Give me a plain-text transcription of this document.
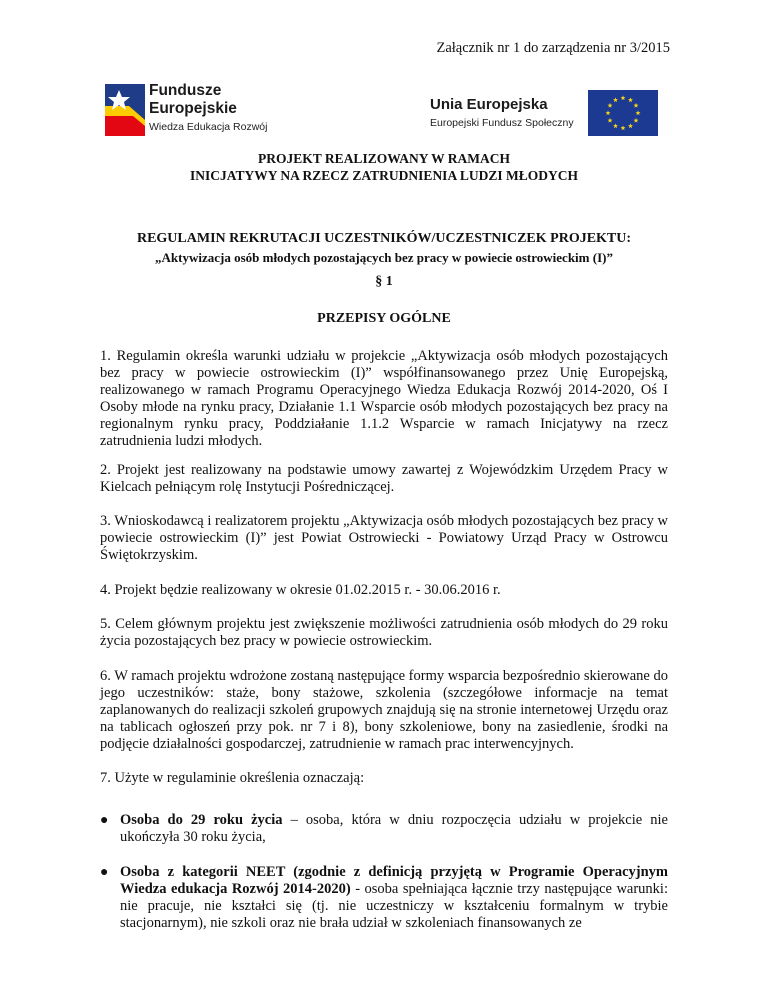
Załącznik nr 1 do zarządzenia nr 3/2015
Fundusze
Europejskie
Wiedza Edukacja Rozwój
Unia Europejska
Europejski Fundusz Społeczny
PROJEKT REALIZOWANY W RAMACH
INICJATYWY NA RZECZ ZATRUDNIENIA LUDZI MŁODYCH
REGULAMIN REKRUTACJI UCZESTNIKÓW/UCZESTNICZEK PROJEKTU:
„Aktywizacja osób młodych pozostających bez pracy w powiecie ostrowieckim (I)”
§ 1
PRZEPISY OGÓLNE
1. Regulamin określa warunki udziału w projekcie „Aktywizacja osób młodych pozostających bez pracy w powiecie ostrowieckim (I)” współfinansowanego przez Unię Europejską, realizowanego w ramach Programu Operacyjnego Wiedza Edukacja Rozwój 2014-2020, Oś I Osoby młode na rynku pracy, Działanie 1.1 Wsparcie osób młodych pozostających bez pracy na regionalnym rynku pracy, Poddziałanie 1.1.2 Wsparcie w ramach Inicjatywy na rzecz zatrudnienia ludzi młodych.
2. Projekt jest realizowany na podstawie umowy zawartej z Wojewódzkim Urzędem Pracy w Kielcach pełniącym rolę Instytucji Pośredniczącej.
3. Wnioskodawcą i realizatorem projektu „Aktywizacja osób młodych pozostających bez pracy w powiecie ostrowieckim (I)” jest Powiat Ostrowiecki - Powiatowy Urząd Pracy w Ostrowcu Świętokrzyskim.
4. Projekt będzie realizowany w okresie 01.02.2015 r. - 30.06.2016 r.
5. Celem głównym projektu jest zwiększenie możliwości zatrudnienia osób młodych do 29 roku życia pozostających bez pracy w powiecie ostrowieckim.
6. W ramach projektu wdrożone zostaną następujące formy wsparcia bezpośrednio skierowane do jego uczestników: staże, bony stażowe, szkolenia (szczegółowe informacje na temat zaplanowanych do realizacji szkoleń grupowych znajdują się na stronie internetowej Urzędu oraz na tablicach ogłoszeń przy pok. nr 7 i 8), bony szkoleniowe, bony na zasiedlenie, środki na podjęcie działalności gospodarczej, zatrudnienie w ramach prac interwencyjnych.
7. Użyte w regulaminie określenia oznaczają:
● Osoba do 29 roku życia – osoba, która w dniu rozpoczęcia udziału w projekcie nie ukończyła 30 roku życia,
● Osoba z kategorii NEET (zgodnie z definicją przyjętą w Programie Operacyjnym Wiedza edukacja Rozwój 2014-2020) - osoba spełniająca łącznie trzy następujące warunki: nie pracuje, nie kształci się (tj. nie uczestniczy w kształceniu formalnym w trybie stacjonarnym), nie szkoli oraz nie brała udział w szkoleniach finansowanych ze
